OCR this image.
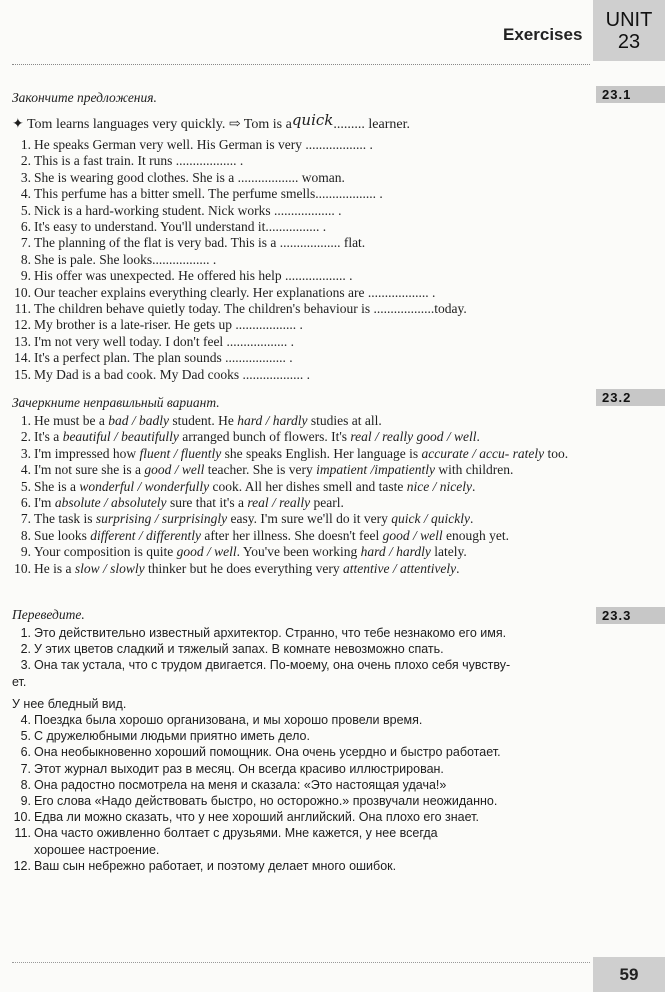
Exercises
UNIT
23
23.1
Закончите предложения.
✦ Tom learns languages very quickly. ⇨ Tom is aquick......... learner.
1. He speaks German very well. His German is very .................. .
2. This is a fast train. It runs .................. .
3. She is wearing good clothes. She is a .................. woman.
4. This perfume has a bitter smell. The perfume smells.................. .
5. Nick is a hard-working student. Nick works .................. .
6. It's easy to understand. You'll understand it................ .
7. The planning of the flat is very bad. This is a .................. flat.
8. She is pale. She looks................. .
9. His offer was unexpected. He offered his help .................. .
10. Our teacher explains everything clearly. Her explanations are .................. .
11. The children behave quietly today. The children's behaviour is ..................today.
12. My brother is a late-riser. He gets up .................. .
13. I'm not very well today. I don't feel .................. .
14. It's a perfect plan. The plan sounds .................. .
15. My Dad is a bad cook. My Dad cooks .................. .
23.2
Зачеркните неправильный вариант.
1. He must be a bad / badly student. He hard / hardly studies at all.
2. It's a beautiful / beautifully arranged bunch of flowers. It's real / really good / well.
3. I'm impressed how fluent / fluently she speaks English. Her language is accurate / accu- rately too.
4. I'm not sure she is a good / well teacher. She is very impatient /impatiently with children.
5. She is a wonderful / wonderfully cook. All her dishes smell and taste nice / nicely.
6. I'm absolute / absolutely sure that it's a real / really pearl.
7. The task is surprising / surprisingly easy. I'm sure we'll do it very quick / quickly.
8. Sue looks different / differently after her illness. She doesn't feel good / well enough yet.
9. Your composition is quite good / well. You've been working hard / hardly lately.
10. He is a slow / slowly thinker but he does everything very attentive / attentively.
23.3
Переведите.
1. Это действительно известный архитектор. Странно, что тебе незнакомо его имя.
2. У этих цветов сладкий и тяжелый запах. В комнате невозможно спать.
3. Она так устала, что с трудом двигается. По-моему, она очень плохо себя чувству-
ет.
У нее бледный вид.
4. Поездка была хорошо организована, и мы хорошо провели время.
5. С дружелюбными людьми приятно иметь дело.
6. Она необыкновенно хороший помощник. Она очень усердно и быстро работает.
7. Этот журнал выходит раз в месяц. Он всегда красиво иллюстрирован.
8. Она радостно посмотрела на меня и сказала: «Это настоящая удача!»
9. Его слова «Надо действовать быстро, но осторожно.» прозвучали неожиданно.
10. Едва ли можно сказать, что у нее хороший английский. Она плохо его знает.
11. Она часто оживленно болтает с друзьями. Мне кажется, у нее всегда
хорошее настроение.
12. Ваш сын небрежно работает, и поэтому делает много ошибок.
59
